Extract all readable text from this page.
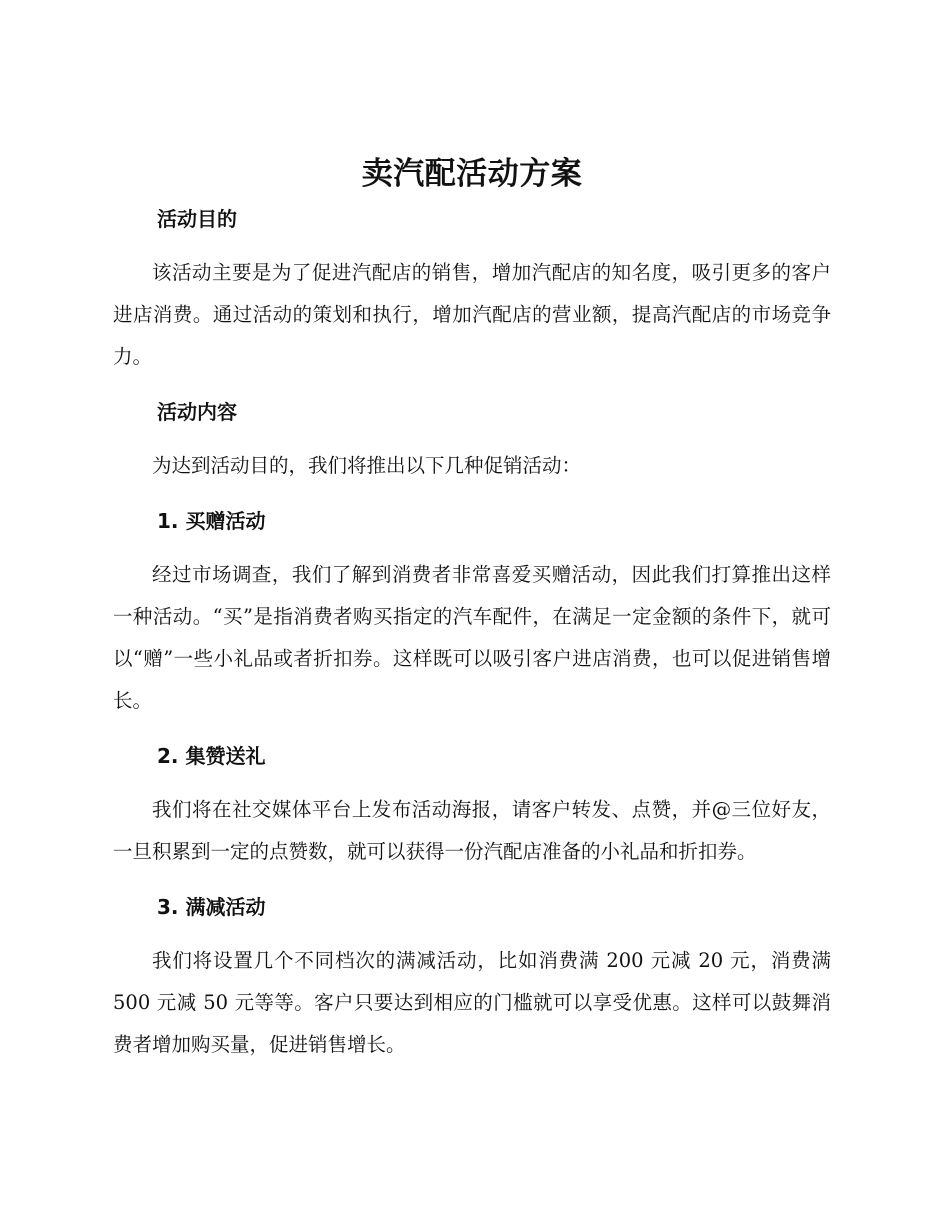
卖汽配活动方案
活动目的

该活动主要是为了促进汽配店的销售，增加汽配店的知名度，吸引更多的客户进店消费。通过活动的策划和执行，增加汽配店的营业额，提高汽配店的市场竞争力。

活动内容

为达到活动目的，我们将推出以下几种促销活动：

1. 买赠活动

经过市场调查，我们了解到消费者非常喜爱买赠活动，因此我们打算推出这样一种活动。“买”是指消费者购买指定的汽车配件，在满足一定金额的条件下，就可以“赠”一些小礼品或者折扣券。这样既可以吸引客户进店消费，也可以促进销售增长。

2. 集赞送礼

我们将在社交媒体平台上发布活动海报，请客户转发、点赞，并@三位好友，一旦积累到一定的点赞数，就可以获得一份汽配店准备的小礼品和折扣券。

3. 满减活动

我们将设置几个不同档次的满减活动，比如消费满 200 元减 20 元，消费满 500 元减 50 元等等。客户只要达到相应的门槛就可以享受优惠。这样可以鼓舞消费者增加购买量，促进销售增长。
